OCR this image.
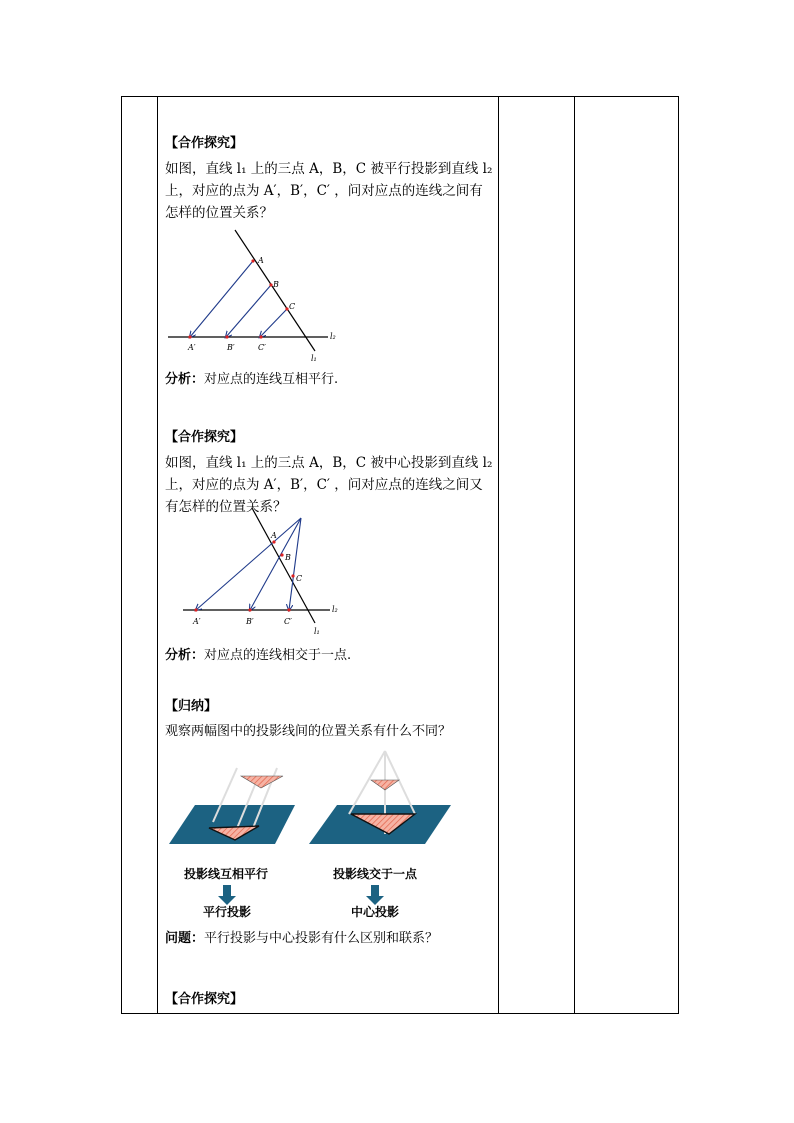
【合作探究】
如图，直线 l₁ 上的三点 A，B，C 被平行投影到直线 l₂ 上，对应的点为 A′，B′，C′ ，问对应点的连线之间有怎样的位置关系？
A
B
C
A′	B′	C′
l₂
l₁
分析：对应点的连线互相平行.
【合作探究】
如图，直线 l₁ 上的三点 A，B，C 被中心投影到直线 l₂ 上，对应的点为 A′，B′，C′ ，问对应点的连线之间又有怎样的位置关系？
A
B
C
A′	B′	C′
l₂
l₁
分析：对应点的连线相交于一点.
【归纳】
观察两幅图中的投影线间的位置关系有什么不同？
投影线互相平行	投影线交于一点
平行投影	中心投影
问题：平行投影与中心投影有什么区别和联系？
【合作探究】
